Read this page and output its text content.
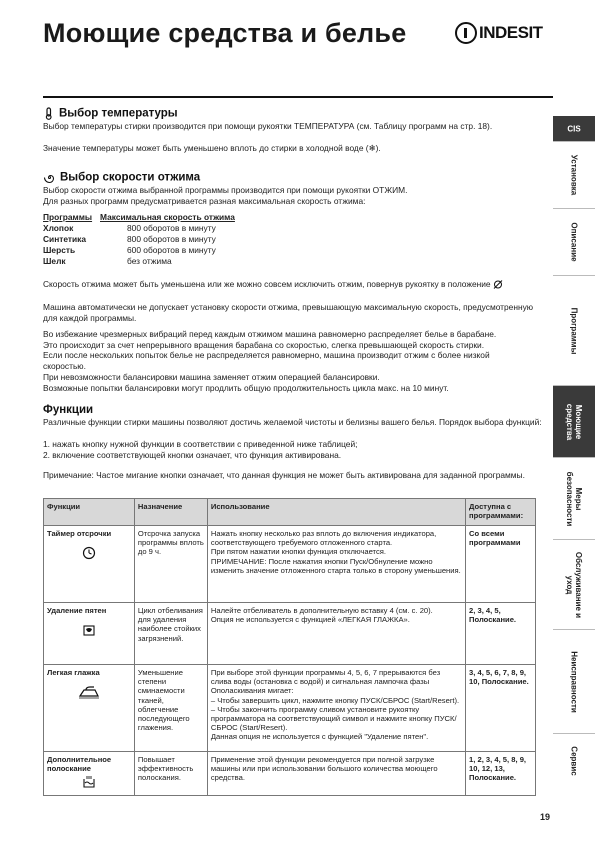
Моющие средства и белье	INDESIT
Выбор температуры
Выбор температуры стирки производится при помощи рукоятки ТЕМПЕРАТУРА (см. Таблицу программ на стр. 18).
Значение температуры может быть уменьшено вплоть до стирки в холодной воде (❄).
Выбор скорости отжима
Выбор скорости отжима выбранной программы производится при помощи рукоятки ОТЖИМ.
Для разных программ предусматривается разная максимальная скорость отжима:
Программы Максимальная скорость отжима
Хлопок	800 оборотов в минуту
Синтетика	800 оборотов в минуту
Шерсть	600 оборотов в минуту
Шелк	без отжима
Скорость отжима может быть уменьшена или же можно совсем исключить отжим, повернув рукоятку в положение
Машина автоматически не допускает установку скорости отжима, превышающую максимальную скорость, предусмотренную для каждой программы.
Во избежание чрезмерных вибраций перед каждым отжимом машина равномерно распределяет белье в барабане. Это происходит за счет непрерывного вращения барабана со скоростью, слегка превышающей скорость стирки. Если после нескольких попыток белье не распределяется равномерно, машина производит отжим с более низкой скоростью.
При невозможности балансировки машина заменяет отжим операцией балансировки.
Возможные попытки балансировки могут продлить общую продолжительность цикла макс. на 10 минут.
Функции
Различные функции стирки машины позволяют достичь желаемой чистоты и белизны вашего белья. Порядок выбора функций:
1. нажать кнопку нужной функции в соответствии с приведенной ниже таблицей;
2. включение соответствующей кнопки означает, что функция активирована.
Примечание: Частое мигание кнопки означает, что данная функция не может быть активирована для заданной программы.
Функции	Назначение	Использование	Доступна с программами:
Таймер отсрочки	Отсрочка запуска программы вплоть до 9 ч.	Нажать кнопку несколько раз вплоть до включения индикатора, соответствующего требуемого отложенного старта.
При пятом нажатии кнопки функция отключается.
ПРИМЕЧАНИЕ: После нажатия кнопки Пуск/Обнуление можно изменить значение отложенного старта только в сторону уменьшения.	Со всеми программами
Удаление пятен	Цикл отбеливания для удаления наиболее стойких загрязнений.	Налейте отбеливатель в дополнительную вставку 4 (см. с. 20).
Опция не используется с функцией «ЛЕГКАЯ ГЛАЖКА».	2, 3, 4, 5, Полоскание.
Легкая глажка	Уменьшение степени сминаемости тканей, облегчение последующего глажения.	При выборе этой функции программы 4, 5, 6, 7 прерываются без слива воды (остановка с водой) и сигнальная лампочка фазы Ополаскивания мигает:
– Чтобы завершить цикл, нажмите кнопку ПУСК/СБРОС (Start/Resert).
– Чтобы закончить программу сливом установите рукоятку программатора на соответствующий символ и нажмите кнопку ПУСК/СБРОС (Start/Resert).
Данная опция не используется с функцией "Удаление пятен".	3, 4, 5, 6, 7, 8, 9, 10, Полоскание.
Дополнительное полоскание	Повышает эффективность полоскания.	Применение этой функции рекомендуется при полной загрузке машины или при использовании большого количества моющего средства.	1, 2, 3, 4, 5, 8, 9, 10, 12, 13, Полоскание.
CIS
Установка
Описание
Программы
Моющие средства
Меры безопасности
Обслуживание и уход
Неисправности
Сервис
19
